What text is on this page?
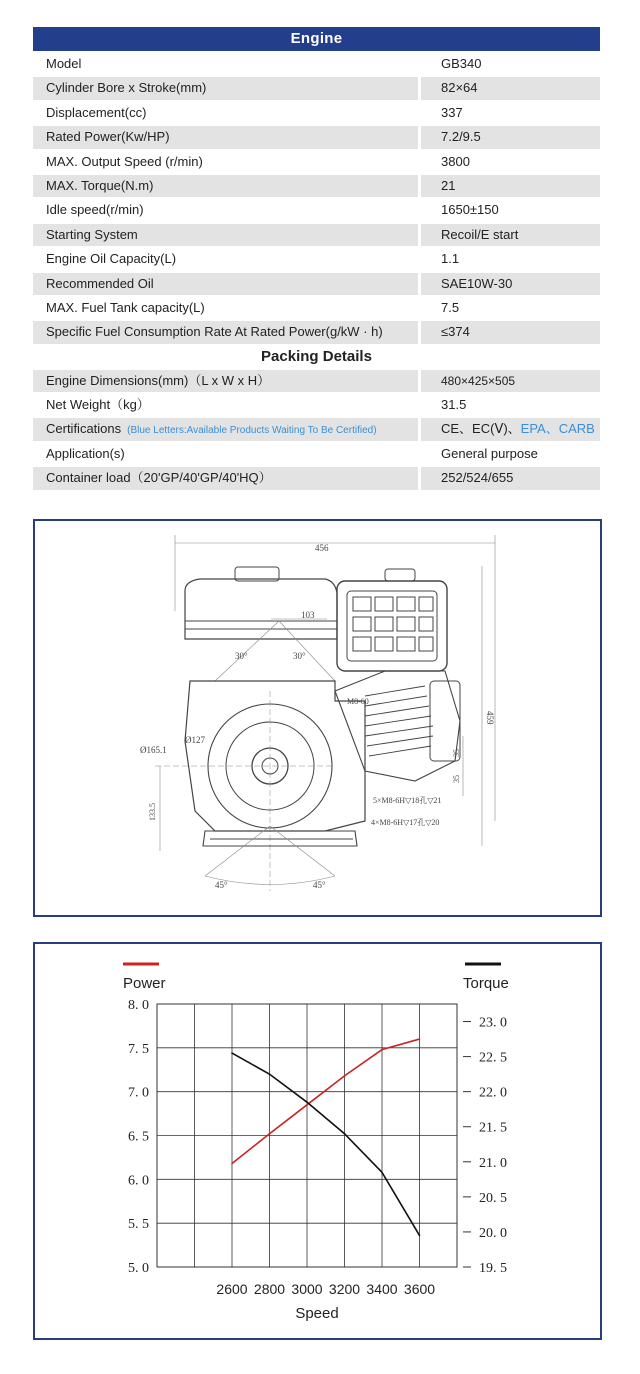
Engine
Model	GB340
Cylinder Bore x Stroke(mm)	82×64
Displacement(cc)	337
Rated Power(Kw/HP)	7.2/9.5
MAX. Output Speed (r/min)	3800
MAX. Torque(N.m)	21
Idle speed(r/min)	1650±150
Starting System	Recoil/E start
Engine Oil Capacity(L)	1.1
Recommended Oil	SAE10W-30
MAX. Fuel Tank capacity(L)	7.5
Specific Fuel Consumption Rate At Rated Power(g/kW · h)	≤374
Packing Details
Engine Dimensions(mm)（L x W x H）	480×425×505
Net Weight（kg）	31.5
Certifications (Blue Letters:Available Products Waiting To Be Certified)	CE、EC(Ⅴ)、EPA、CARB
Application(s)	General purpose
Container load（20'GP/40'GP/40'HQ）	252/524/655
456
459
103
30°	30°
M8-60
Ø165.1
Ø127
35
35
133.5
5×M8-6H▽18孔▽21
4×M8-6H▽17孔▽20
45°	45°
Power	Torque
8. 0
7. 5
7. 0
6. 5
6. 0
5. 5
5. 0
23. 0
22. 5
22. 0
21. 5
21. 0
20. 5
20. 0
19. 5
2600 2800 3000 3200 3400 3600
Speed
